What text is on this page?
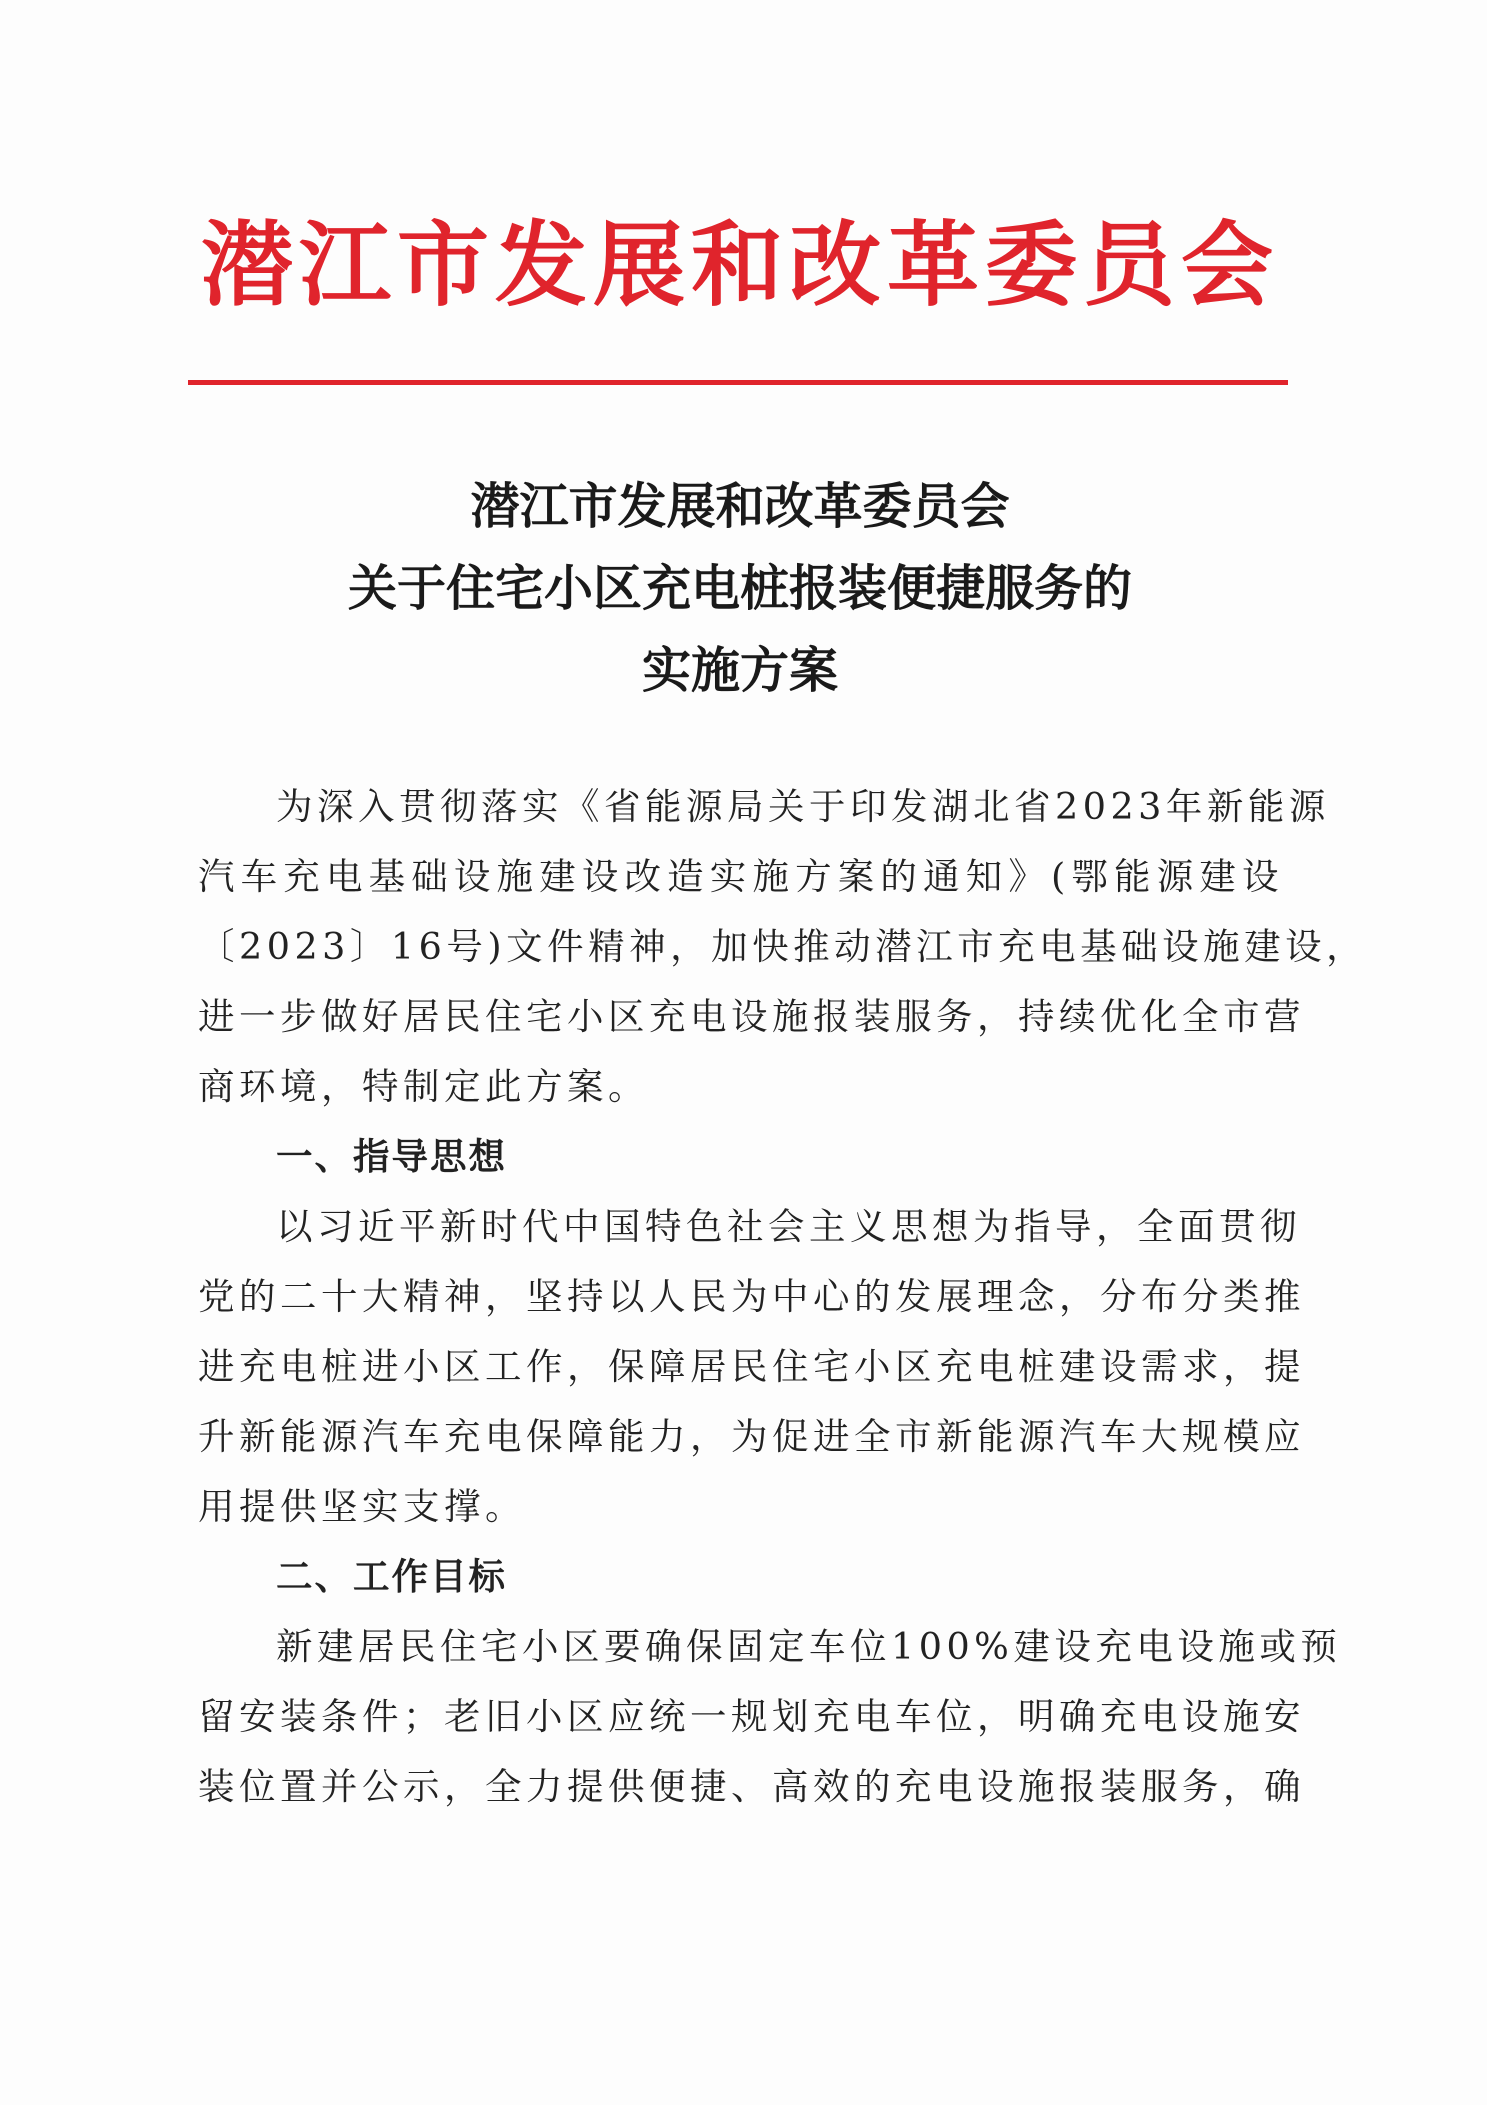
潜江市发展和改革委员会
潜江市发展和改革委员会
关于住宅小区充电桩报装便捷服务的
实施方案
为深入贯彻落实《省能源局关于印发湖北省2023年新能源
汽车充电基础设施建设改造实施方案的通知》(鄂能源建设
〔2023〕16号)文件精神，加快推动潜江市充电基础设施建设，
进一步做好居民住宅小区充电设施报装服务，持续优化全市营
商环境，特制定此方案。
一、指导思想
以习近平新时代中国特色社会主义思想为指导，全面贯彻
党的二十大精神，坚持以人民为中心的发展理念，分布分类推
进充电桩进小区工作，保障居民住宅小区充电桩建设需求，提
升新能源汽车充电保障能力，为促进全市新能源汽车大规模应
用提供坚实支撑。
二、工作目标
新建居民住宅小区要确保固定车位100%建设充电设施或预
留安装条件；老旧小区应统一规划充电车位，明确充电设施安
装位置并公示，全力提供便捷、高效的充电设施报装服务，确
